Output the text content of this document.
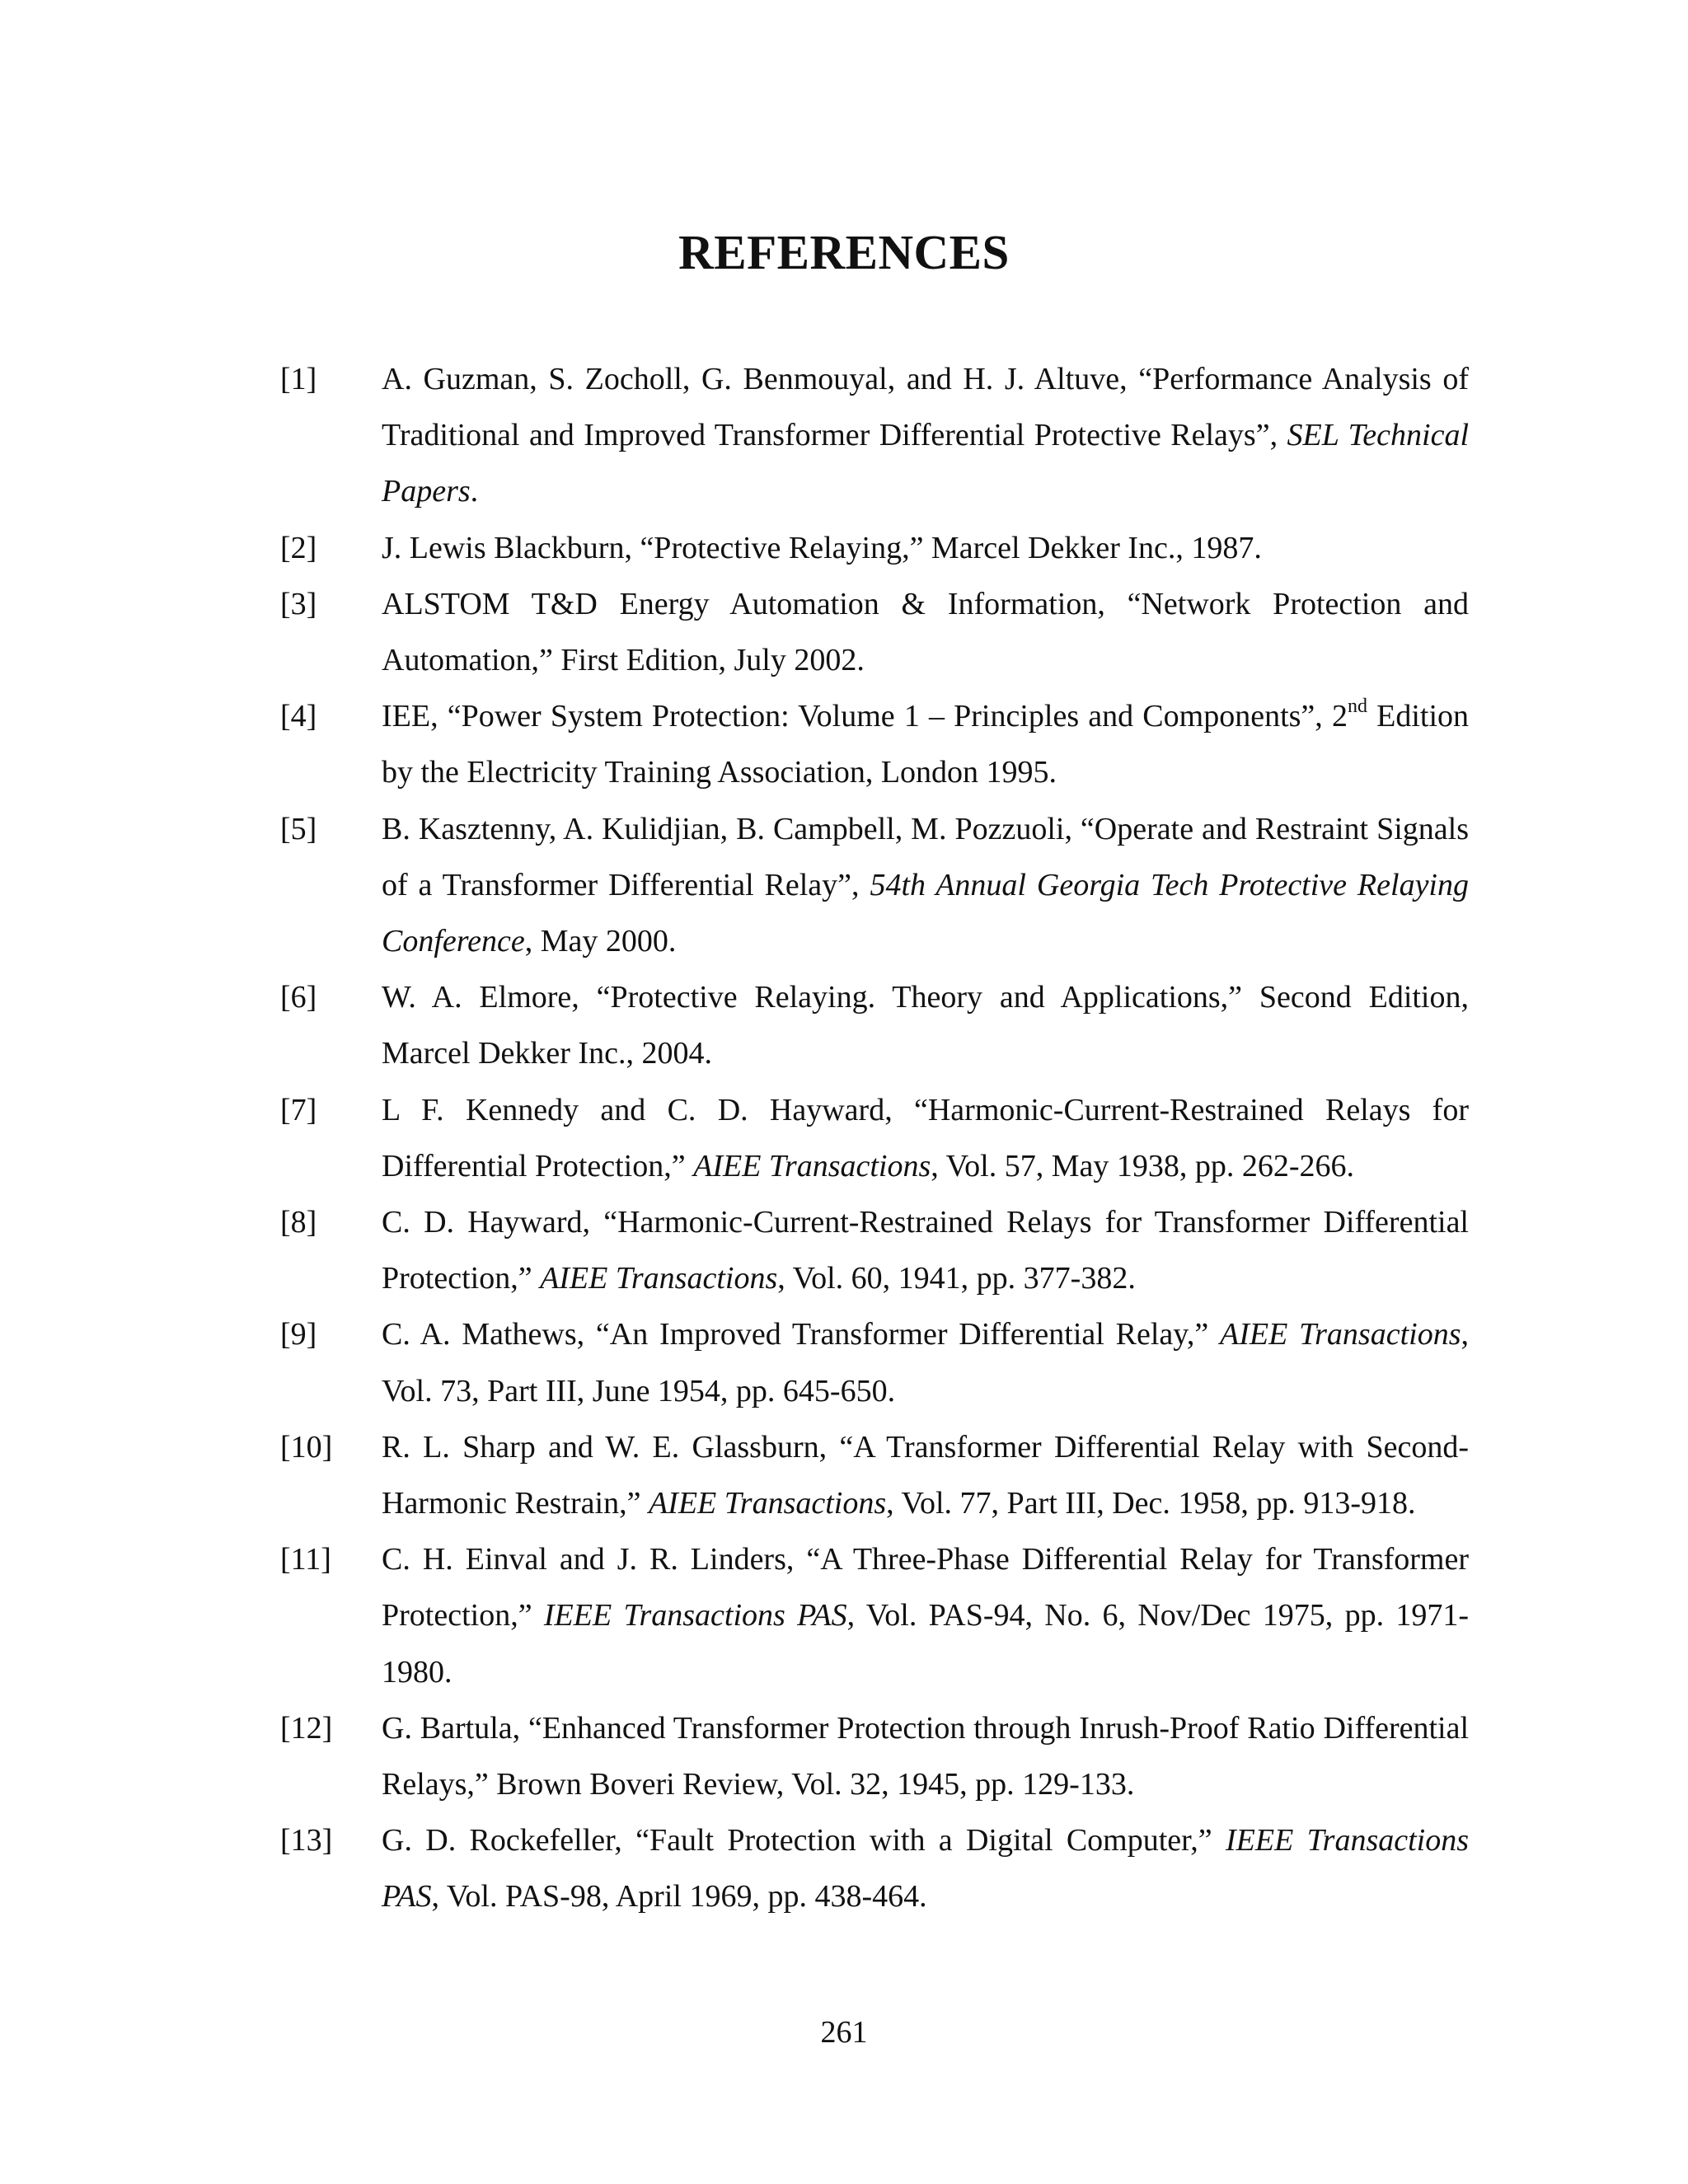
REFERENCES
[1] A. Guzman, S. Zocholl, G. Benmouyal, and H. J. Altuve, “Performance Analysis of Traditional and Improved Transformer Differential Protective Relays”, SEL Technical Papers.
[2] J. Lewis Blackburn, “Protective Relaying,” Marcel Dekker Inc., 1987.
[3] ALSTOM T&D Energy Automation & Information, “Network Protection and Automation,” First Edition, July 2002.
[4] IEE, “Power System Protection: Volume 1 – Principles and Components”, 2nd Edition by the Electricity Training Association, London 1995.
[5] B. Kasztenny, A. Kulidjian, B. Campbell, M. Pozzuoli, “Operate and Restraint Signals of a Transformer Differential Relay”, 54th Annual Georgia Tech Protective Relaying Conference, May 2000.
[6] W. A. Elmore, “Protective Relaying. Theory and Applications,” Second Edition, Marcel Dekker Inc., 2004.
[7] L F. Kennedy and C. D. Hayward, “Harmonic-Current-Restrained Relays for Differential Protection,” AIEE Transactions, Vol. 57, May 1938, pp. 262-266.
[8] C. D. Hayward, “Harmonic-Current-Restrained Relays for Transformer Differential Protection,” AIEE Transactions, Vol. 60, 1941, pp. 377-382.
[9] C. A. Mathews, “An Improved Transformer Differential Relay,” AIEE Transactions, Vol. 73, Part III, June 1954, pp. 645-650.
[10] R. L. Sharp and W. E. Glassburn, “A Transformer Differential Relay with Second-Harmonic Restrain,” AIEE Transactions, Vol. 77, Part III, Dec. 1958, pp. 913-918.
[11] C. H. Einval and J. R. Linders, “A Three-Phase Differential Relay for Transformer Protection,” IEEE Transactions PAS, Vol. PAS-94, No. 6, Nov/Dec 1975, pp. 1971-1980.
[12] G. Bartula, “Enhanced Transformer Protection through Inrush-Proof Ratio Differential Relays,” Brown Boveri Review, Vol. 32, 1945, pp. 129-133.
[13] G. D. Rockefeller, “Fault Protection with a Digital Computer,” IEEE Transactions PAS, Vol. PAS-98, April 1969, pp. 438-464.
261
